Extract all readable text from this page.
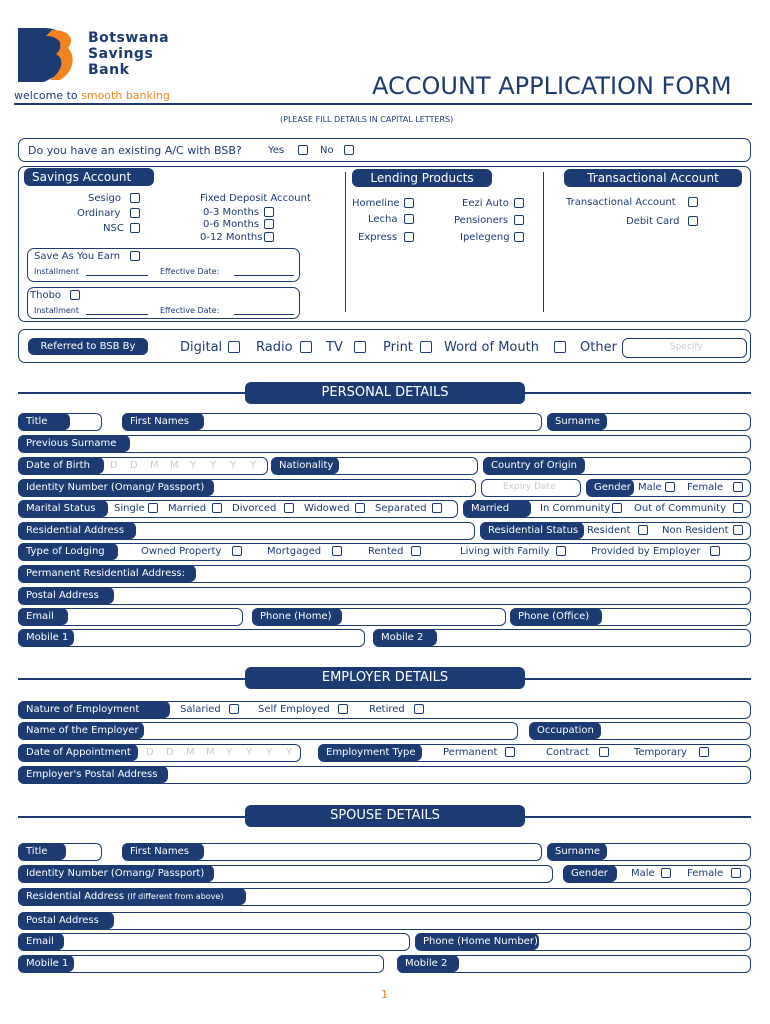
Botswana
Savings
Bank
welcome to smooth banking	ACCOUNT APPLICATION FORM
(PLEASE FILL DETAILS IN CAPITAL LETTERS)
Do you have an existing A/C with BSB?	Yes	No
Savings Account
Sesigo
Ordinary
NSC
Fixed Deposit Account
0-3 Months
0-6 Months
0-12 Months
Save As You Earn
Installment	Effective Date:
Thobo
Installment	Effective Date:
Lending Products
Homeline
Lecha
Express
Eezi Auto
Pensioners
Ipelegeng
Transactional Account
Transactional Account
Debit Card
Referred to BSB By	Digital	Radio	TV	Print Word of Mouth	Other	Specify
PERSONAL DETAILS
Title	First Names	Surname
Previous Surname
Date of Birth	D D M M Y Y Y Y	Nationality	Country of Origin
Identity Number (Omang/ Passport)	Expiry Date	Gender Male	Female
Marital Status	Single Married	Divorced	Widowed	Separated	Married	In Community Out of Community
Residential Address	Residential Status Resident	Non Resident
Type of Lodging	Owned Property	Mortgaged	Rented	Living with Family	Provided by Employer
Permanent Residential Address:
Postal Address
Email	Phone (Home)	Phone (Office)
Mobile 1	Mobile 2
EMPLOYER DETAILS
Nature of Employment	Salaried	Self Employed	Retired
Name of the Employer	Occupation
Date of Appointment	D D M M Y Y Y Y	Employment Type	Permanent	Contract	Temporary
Employer's Postal Address
SPOUSE DETAILS
Title	First Names	Surname
Identity Number (Omang/ Passport)	Gender	Male	Female
Residential Address (If different from above)
Postal Address
Email	Phone (Home Number)
Mobile 1	Mobile 2
1
